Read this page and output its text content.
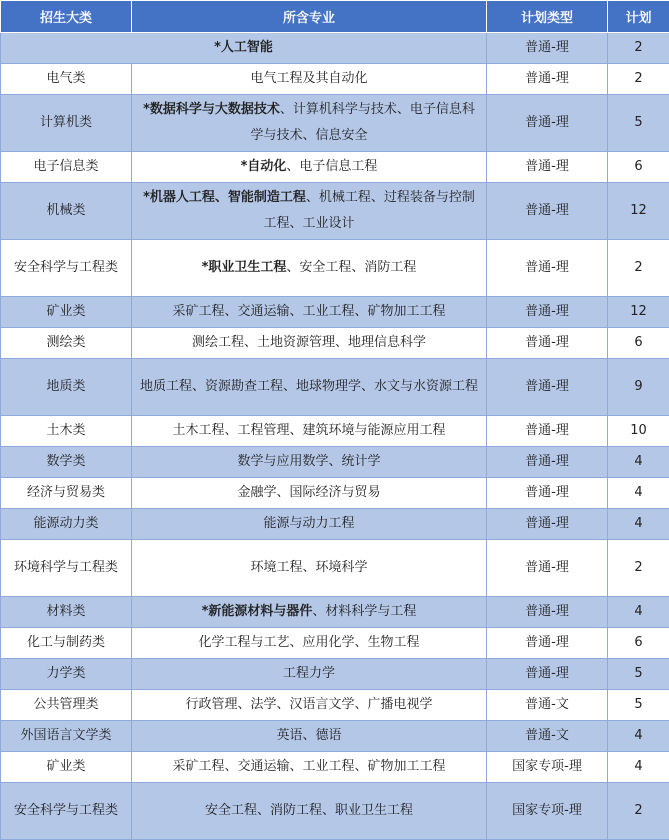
招生大类	所含专业	计划类型	计划
*人工智能		普通-理	2
电气类	电气工程及其自动化	普通-理	2
计算机类	*数据科学与大数据技术、计算机科学与技术、电子信息科学与技术、信息安全	普通-理	5
电子信息类	*自动化、电子信息工程	普通-理	6
机械类	*机器人工程、智能制造工程、机械工程、过程装备与控制工程、工业设计	普通-理	12
安全科学与工程类	*职业卫生工程、安全工程、消防工程	普通-理	2
矿业类	采矿工程、交通运输、工业工程、矿物加工工程	普通-理	12
测绘类	测绘工程、土地资源管理、地理信息科学	普通-理	6
地质类	地质工程、资源勘查工程、地球物理学、水文与水资源工程	普通-理	9
土木类	土木工程、工程管理、建筑环境与能源应用工程	普通-理	10
数学类	数学与应用数学、统计学	普通-理	4
经济与贸易类	金融学、国际经济与贸易	普通-理	4
能源动力类	能源与动力工程	普通-理	4
环境科学与工程类	环境工程、环境科学	普通-理	2
材料类	*新能源材料与器件、材料科学与工程	普通-理	4
化工与制药类	化学工程与工艺、应用化学、生物工程	普通-理	6
力学类	工程力学	普通-理	5
公共管理类	行政管理、法学、汉语言文学、广播电视学	普通-文	5
外国语言文学类	英语、德语	普通-文	4
矿业类	采矿工程、交通运输、工业工程、矿物加工工程	国家专项-理	4
安全科学与工程类	安全工程、消防工程、职业卫生工程	国家专项-理	2
